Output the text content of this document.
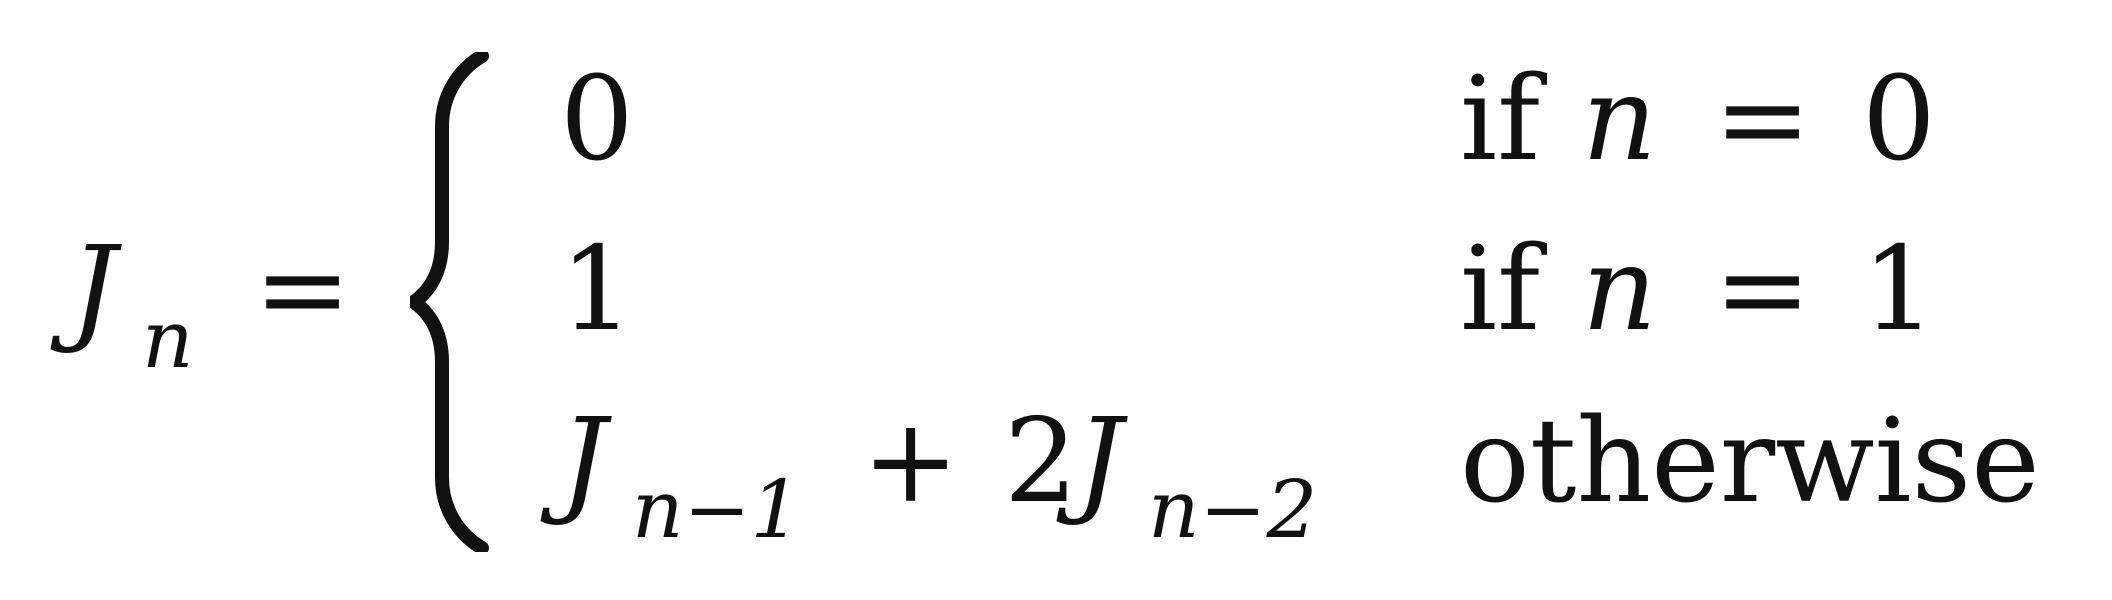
J n =
0	if n = 0
1	if n = 1
J n−1 + 2
J n−2 otherwise
